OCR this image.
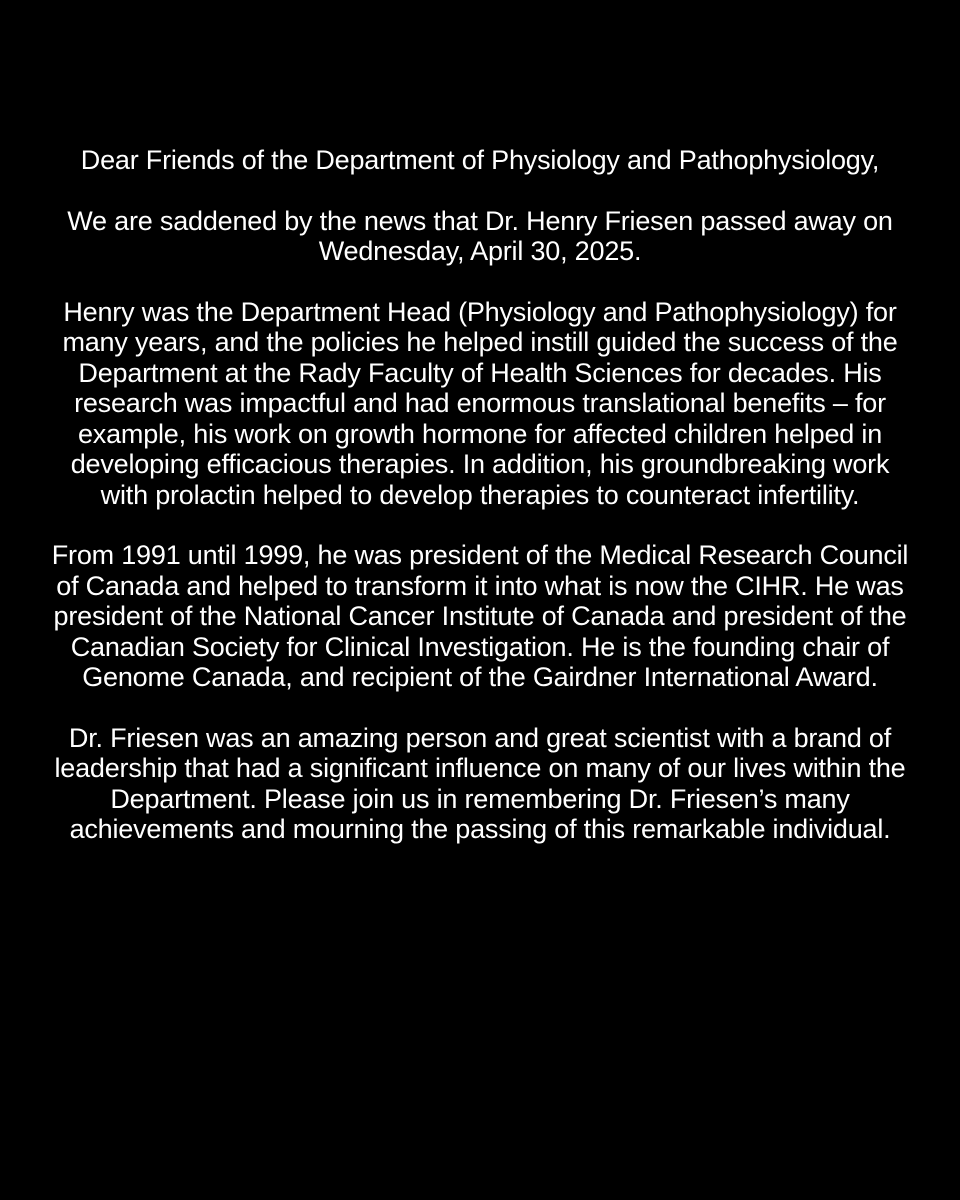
Dear Friends of the Department of Physiology and Pathophysiology,

We are saddened by the news that Dr. Henry Friesen passed away on Wednesday, April 30, 2025.

Henry was the Department Head (Physiology and Pathophysiology) for many years, and the policies he helped instill guided the success of the Department at the Rady Faculty of Health Sciences for decades. His research was impactful and had enormous translational benefits – for example, his work on growth hormone for affected children helped in developing efficacious therapies. In addition, his groundbreaking work with prolactin helped to develop therapies to counteract infertility.

From 1991 until 1999, he was president of the Medical Research Council of Canada and helped to transform it into what is now the CIHR. He was president of the National Cancer Institute of Canada and president of the Canadian Society for Clinical Investigation. He is the founding chair of Genome Canada, and recipient of the Gairdner International Award.

Dr. Friesen was an amazing person and great scientist with a brand of leadership that had a significant influence on many of our lives within the Department. Please join us in remembering Dr. Friesen’s many achievements and mourning the passing of this remarkable individual.
